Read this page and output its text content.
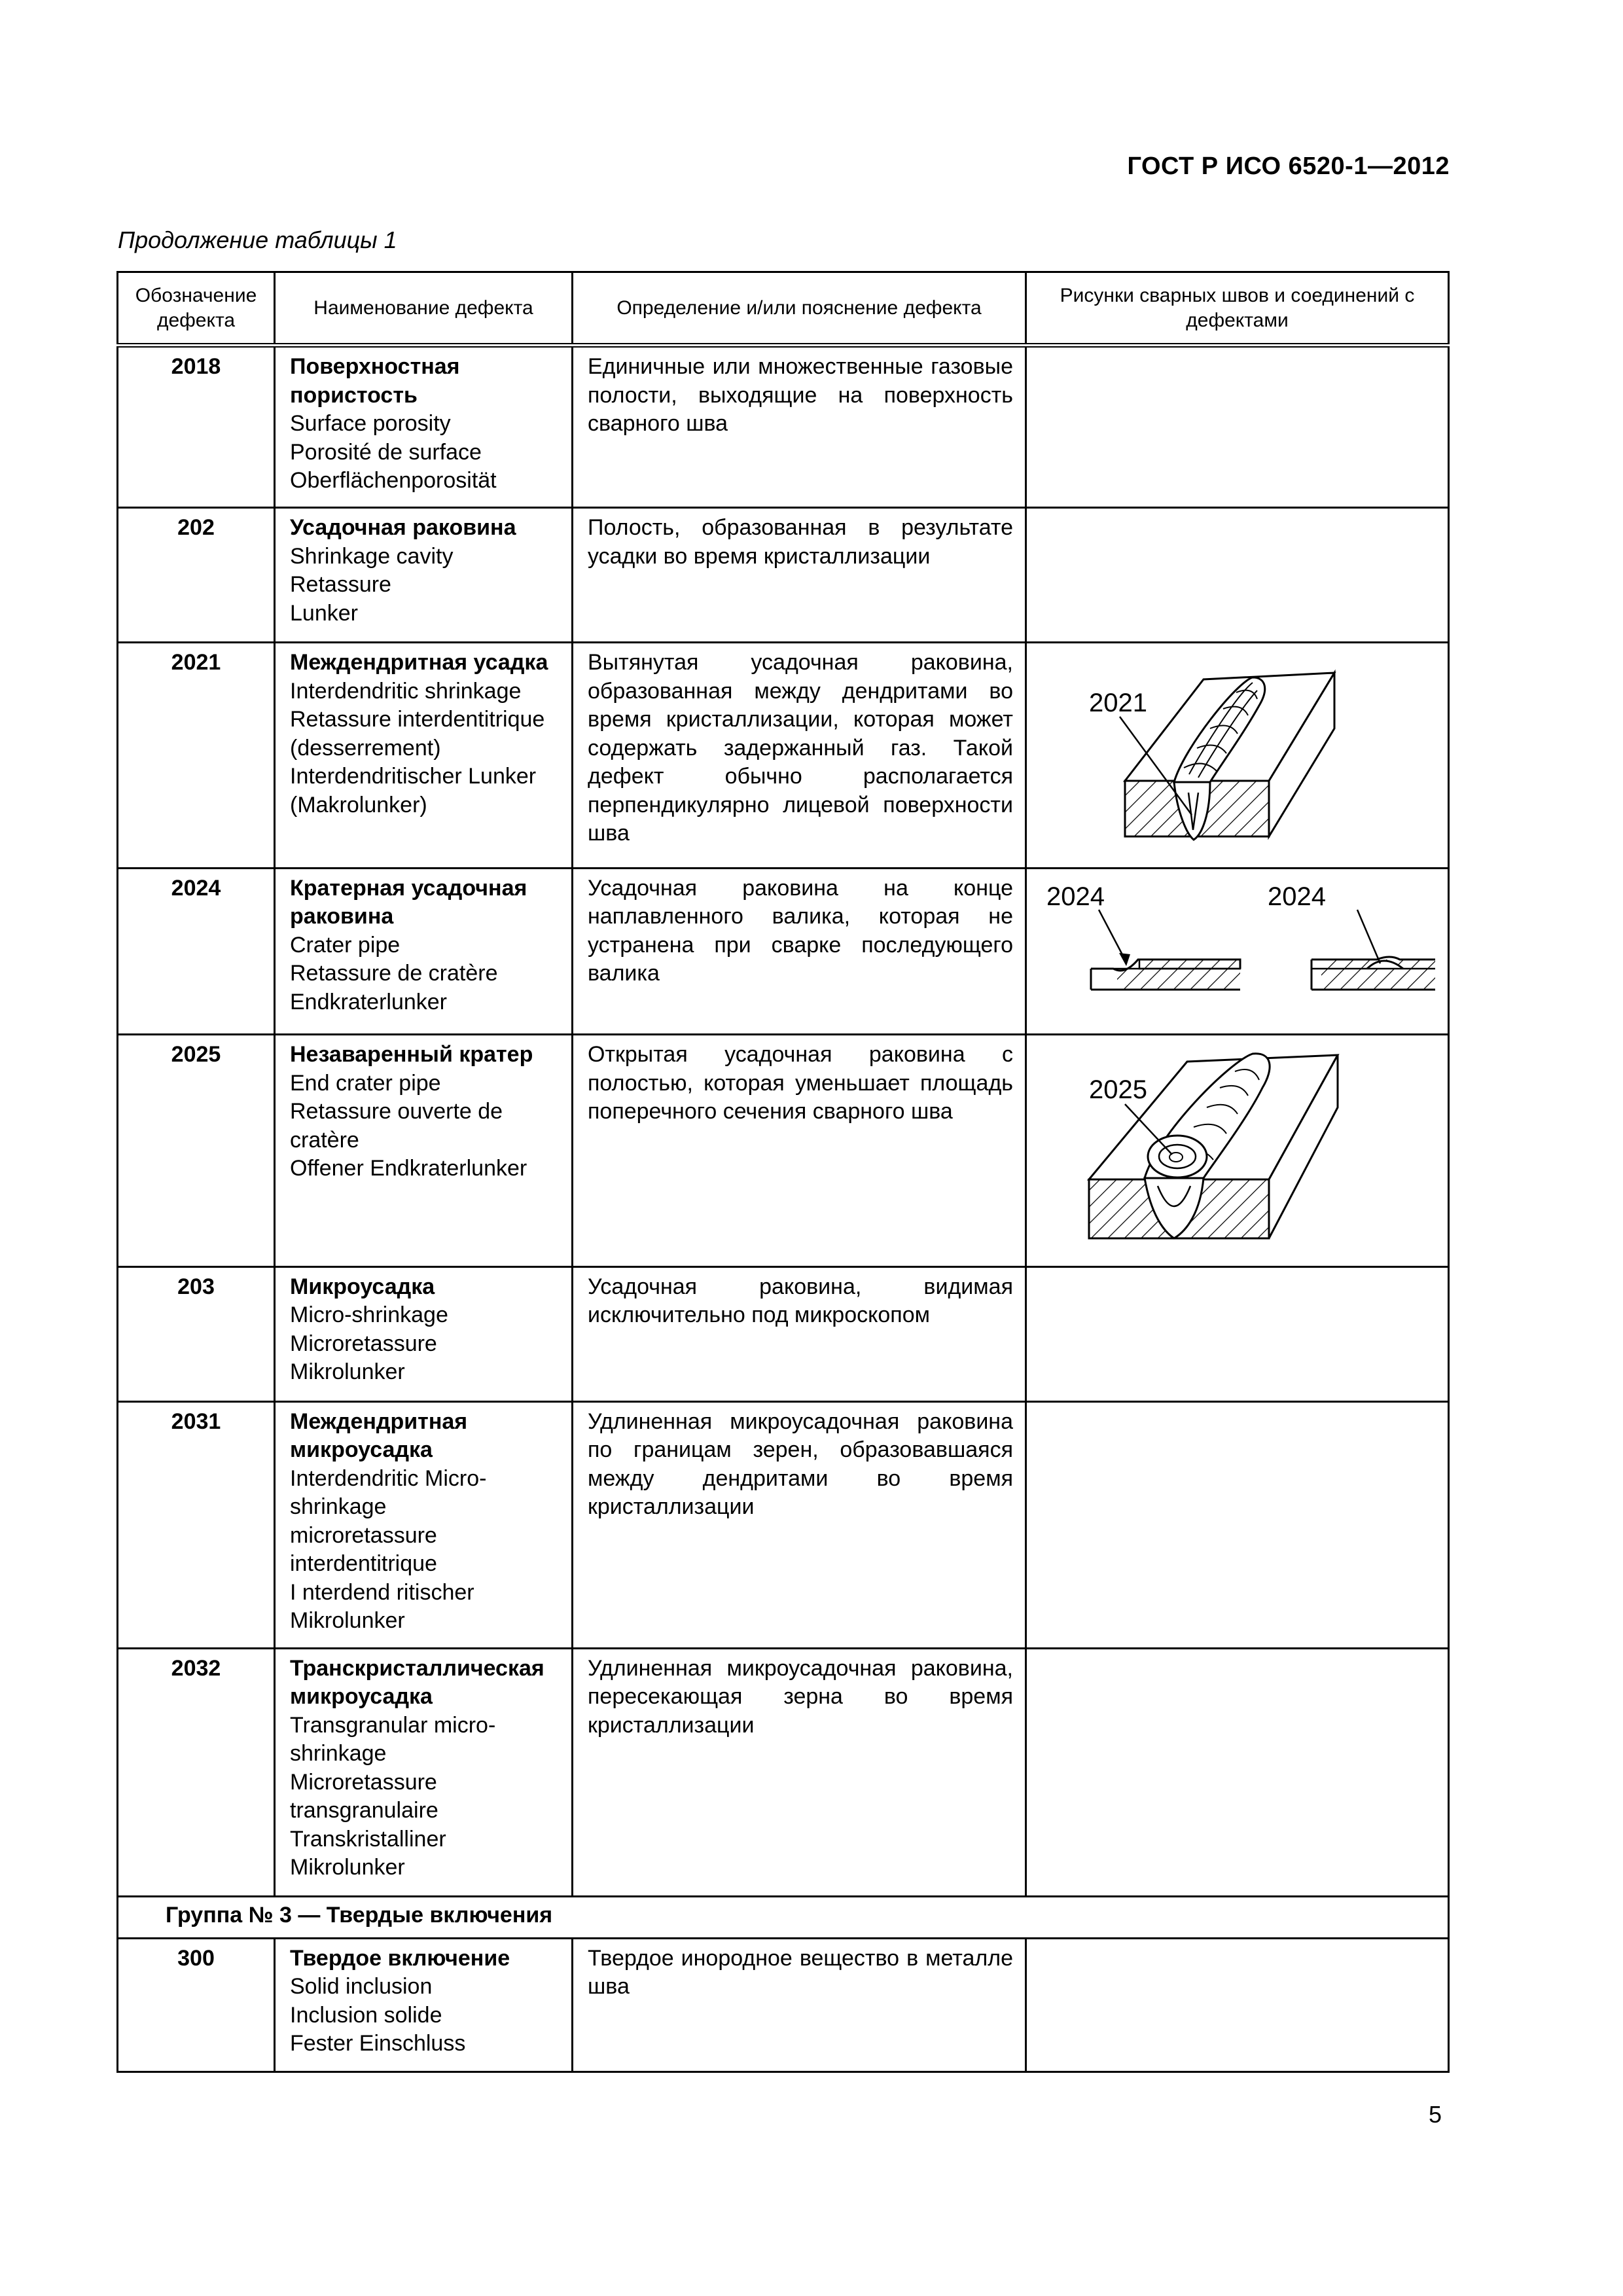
ГОСТ Р ИСО 6520-1—2012
Продолжение таблицы 1
Обозначение дефекта	Наименование дефекта	Определение и/или пояснение дефекта	Рисунки сварных швов и соединений с дефектами
2018	Поверхностная пористость
Surface porosity
Porosité de surface
Oberflächenporosität	Единичные или множественные газовые полости, выходящие на поверхность сварного шва	
202	Усадочная раковина
Shrinkage cavity
Retassure
Lunker	Полость, образованная в результате усадки во время кристаллизации	
2021	Междендритная усадка
Interdendritic shrinkage
Retassure interdentitrique (desserrement)
Interdendritischer Lunker (Makrolunker)	Вытянутая усадочная раковина, образованная между дендритами во время кристаллизации, которая может содержать задержанный газ. Такой дефект обычно располагается перпендикулярно лицевой поверхности шва	2021

2024	Кратерная усадочная раковина
Crater pipe
Retassure de cratère
Endkraterlunker	Усадочная раковина на конце наплавленного валика, которая не устранена при сварке последующего валика	2024 2024

2025	Незаваренный кратер
End crater pipe
Retassure ouverte de cratère
Offener Endkraterlunker	Открытая усадочная раковина с полостью, которая уменьшает площадь поперечного сечения сварного шва	2025

203	Микроусадка
Micro-shrinkage
Microretassure
Mikrolunker	Усадочная раковина, видимая исключительно под микроскопом	
2031	Междендритная микроусадка
Interdendritic Micro-shrinkage
microretassure interdentitrique
I nterdend ritischer Mikrolunker	Удлиненная микроусадочная раковина по границам зерен, образовавшаяся между дендритами во время кристаллизации	
2032	Транскристаллическая микроусадка
Transgranular micro-shrinkage
Microretassure transgranulaire
Transkristalliner Mikrolunker	Удлиненная микроусадочная раковина, пересекающая зерна во время кристаллизации	
Группа № 3 — Твердые включения			
300	Твердое включение
Solid inclusion
Inclusion solide
Fester Einschluss	Твердое инородное вещество в металле шва	
5
